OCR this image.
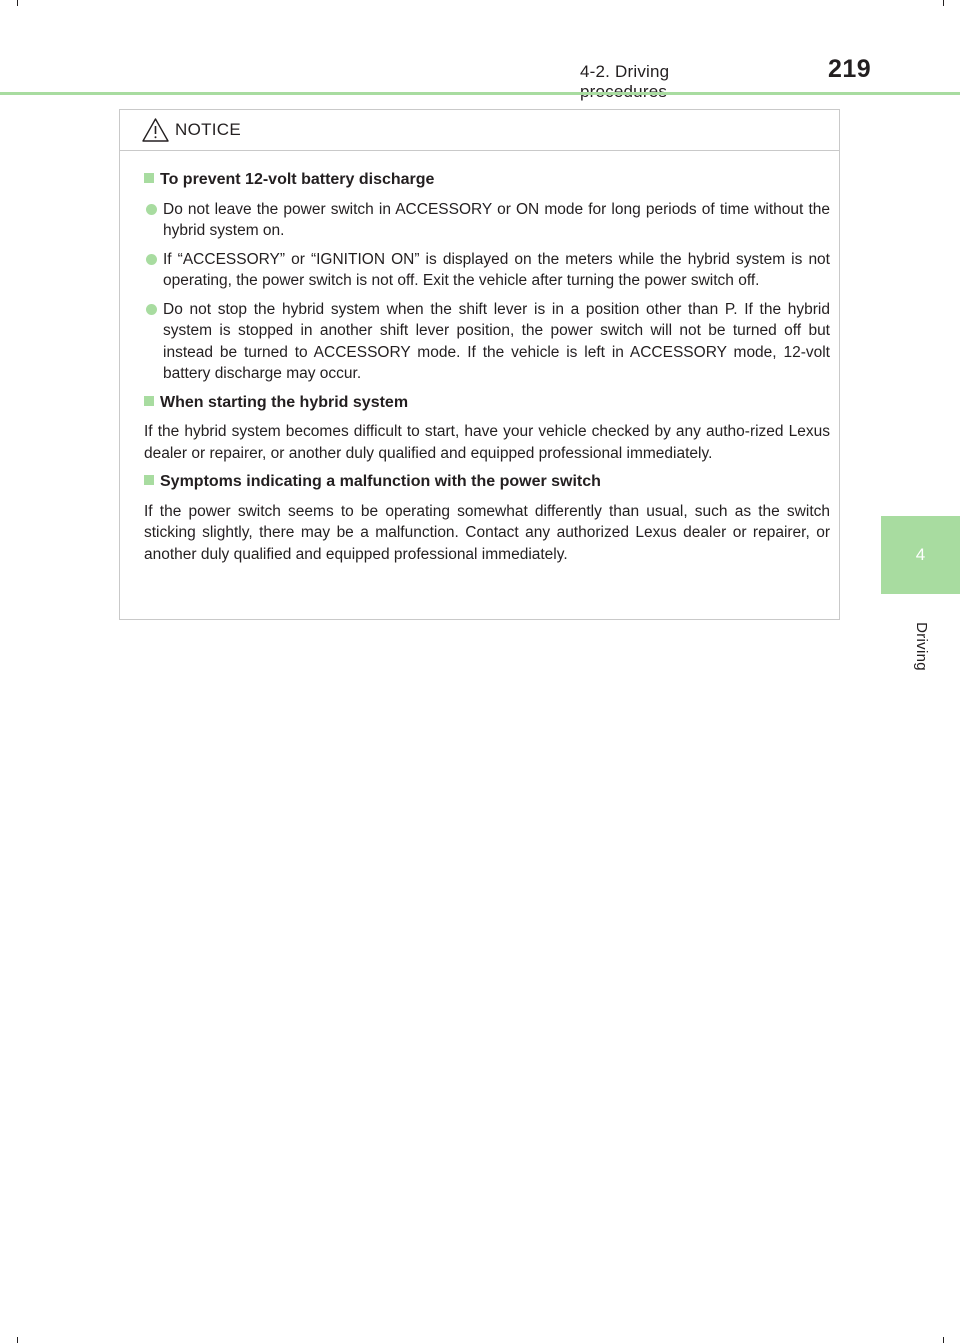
4-2. Driving	219
4
Driving
NOTICE
To prevent 12-volt battery discharge
Do not leave the power switch in ACCESSORY or ON mode for long periods of time without the hybrid system on.
If “ACCESSORY” or “IGNITION ON” is displayed on the meters while the hybrid system is not operating, the power switch is not off. Exit the vehicle after turning the power switch off.
Do not stop the hybrid system when the shift lever is in a position other than P. If the hybrid system is stopped in another shift lever position, the power switch will not be turned off but instead be turned to ACCESSORY mode. If the vehicle is left in ACCESSORY mode, 12-volt battery discharge may occur.
When starting the hybrid system
If the hybrid system becomes difficult to start, have your vehicle checked by any autho-rized Lexus dealer or repairer, or another duly qualified and equipped professional immediately.
Symptoms indicating a malfunction with the power switch
If the power switch seems to be operating somewhat differently than usual, such as the switch sticking slightly, there may be a malfunction. Contact any authorized Lexus dealer or repairer, or another duly qualified and equipped professional immediately.
